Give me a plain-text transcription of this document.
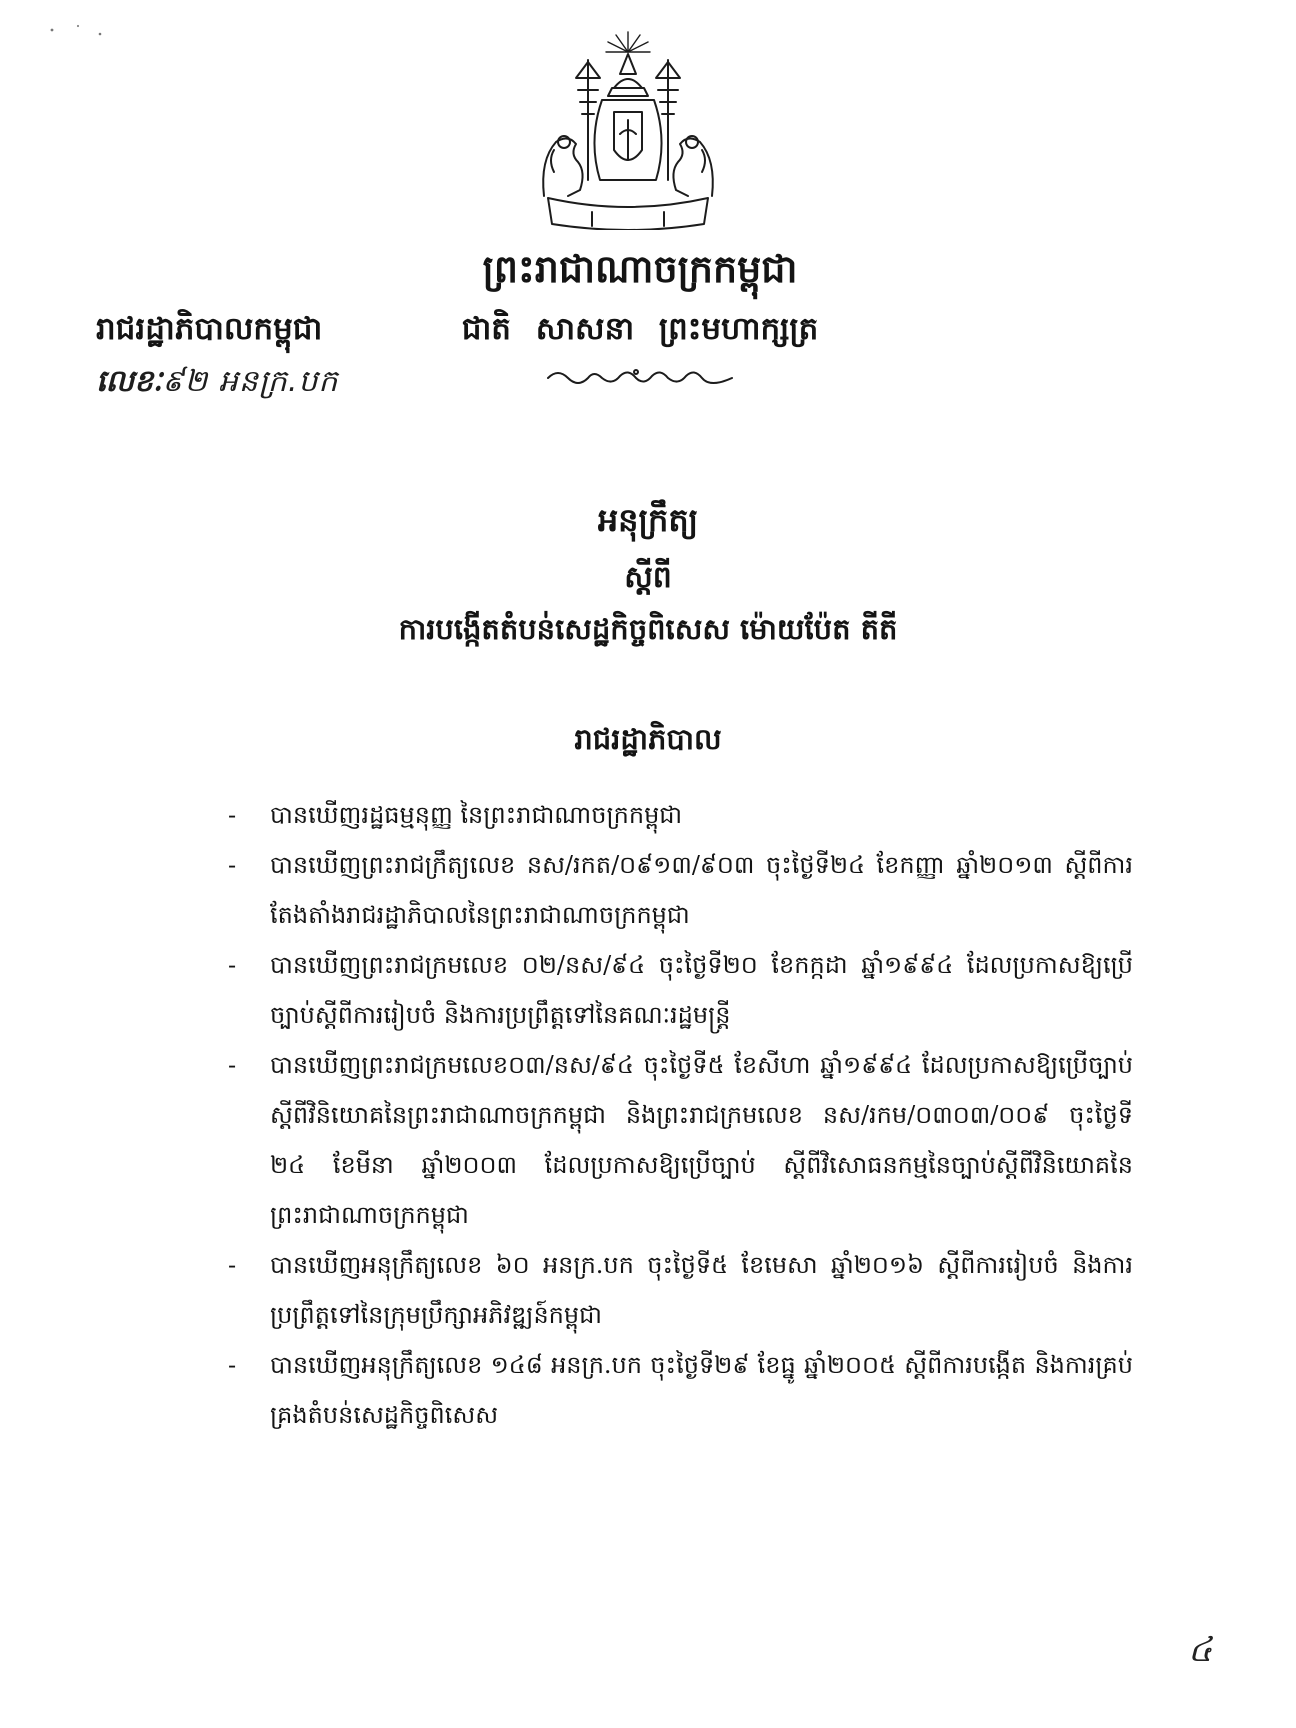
ព្រះរាជាណាចក្រកម្ពុជា
រាជរដ្ឋាភិបាលកម្ពុជា	ជាតិ សាសនា ព្រះមហាក្សត្រ
លេខៈ៩២ អនក្រ.បក
អនុក្រឹត្យ
ស្តីពី
ការបង្កើតតំបន់សេដ្ឋកិច្ចពិសេស ម៉ោយប៉ែត តីតី
រាជរដ្ឋាភិបាល
- បានឃើញរដ្ឋធម្មនុញ្ញ នៃព្រះរាជាណាចក្រកម្ពុជា
- បានឃើញព្រះរាជក្រឹត្យលេខ នស/រកត/០៩១៣/៩០៣ ចុះថ្ងៃទី២៤ ខែកញ្ញា ឆ្នាំ២០១៣ ស្តីពីការតែងតាំងរាជរដ្ឋាភិបាលនៃព្រះរាជាណាចក្រកម្ពុជា
- បានឃើញព្រះរាជក្រមលេខ ០២/នស/៩៤ ចុះថ្ងៃទី២០ ខែកក្កដា ឆ្នាំ១៩៩៤ ដែលប្រកាសឱ្យប្រើច្បាប់ស្តីពីការរៀបចំ និងការប្រព្រឹត្តទៅនៃគណៈរដ្ឋមន្ត្រី
- បានឃើញព្រះរាជក្រមលេខ០៣/នស/៩៤ ចុះថ្ងៃទី៥ ខែសីហា ឆ្នាំ១៩៩៤ ដែលប្រកាសឱ្យប្រើច្បាប់ស្តីពីវិនិយោគនៃព្រះរាជាណាចក្រកម្ពុជា និងព្រះរាជក្រមលេខ នស/រកម/០៣០៣/០០៩ ចុះថ្ងៃទី ២៤ ខែមីនា ឆ្នាំ២០០៣ ដែលប្រកាសឱ្យប្រើច្បាប់ ស្តីពីវិសោធនកម្មនៃច្បាប់ស្តីពីវិនិយោគនៃព្រះរាជាណាចក្រកម្ពុជា
- បានឃើញអនុក្រឹត្យលេខ ៦០ អនក្រ.បក ចុះថ្ងៃទី៥ ខែមេសា ឆ្នាំ២០១៦ ស្តីពីការរៀបចំ និងការប្រព្រឹត្តទៅនៃក្រុមប្រឹក្សាអភិវឌ្ឍន៍កម្ពុជា
- បានឃើញអនុក្រឹត្យលេខ ១៤៨ អនក្រ.បក ចុះថ្ងៃទី២៩ ខែធ្នូ ឆ្នាំ២០០៥ ស្តីពីការបង្កើត និងការគ្រប់គ្រងតំបន់សេដ្ឋកិច្ចពិសេស
៤
